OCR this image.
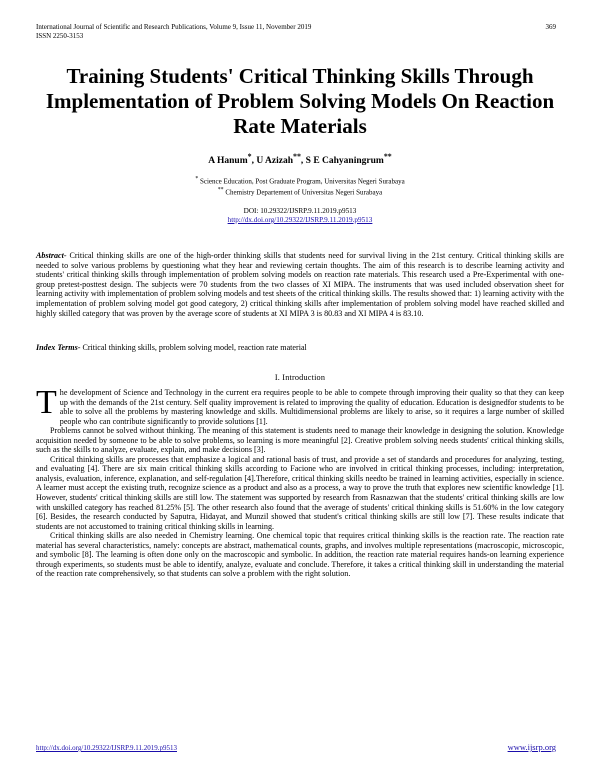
International Journal of Scientific and Research Publications, Volume 9, Issue 11, November 2019
ISSN 2250-3153
369
Training Students' Critical Thinking Skills Through Implementation of Problem Solving Models On Reaction Rate Materials
A Hanum*, U Azizah**, S E Cahyaningrum**
* Science Education, Post Graduate Program, Universitas Negeri Surabaya
** Chemistry Departement of Universitas Negeri Surabaya
DOI: 10.29322/IJSRP.9.11.2019.p9513
http://dx.doi.org/10.29322/IJSRP.9.11.2019.p9513
Abstract- Critical thinking skills are one of the high-order thinking skills that students need for survival living in the 21st century. Critical thinking skills are needed to solve various problems by questioning what they hear and reviewing certain thoughts. The aim of this research is to describe learning activity and students' critical thinking skills through implementation of problem solving models on reaction rate materials. This research used a Pre-Experimental with one-group pretest-posttest design. The subjects were 70 students from the two classes of XI MIPA. The instruments that was used included observation sheet for learning activity with implementation of problem solving models and test sheets of the critical thinking skills. The results showed that: 1) learning activity with the implementation of problem solving model got good category, 2) critical thinking skills after implementation of problem solving model have reached skilled and highly skilled category that was proven by the average score of students at XI MIPA 3 is 80.83 and XI MIPA 4 is 83.10.
Index Terms- Critical thinking skills, problem solving model, reaction rate material
I. Introduction

The development of Science and Technology in the current era requires people to be able to compete through improving their quality so that they can keep up with the demands of the 21st century. Self quality improvement is related to improving the quality of education. Education is designedfor students to be able to solve all the problems by mastering knowledge and skills. Multidimensional problems are likely to arise, so it requires a large number of skilled people who can contribute significantly to provide solutions [1].

Problems cannot be solved without thinking. The meaning of this statement is students need to manage their knowledge in designing the solution. Knowledge acquisition needed by someone to be able to solve problems, so learning is more meaningful [2]. Creative problem solving needs students' critical thinking skills, such as the skills to analyze, evaluate, explain, and make decisions [3].

Critical thinking skills are processes that emphasize a logical and rational basis of trust, and provide a set of standards and procedures for analyzing, testing, and evaluating [4]. There are six main critical thinking skills according to Facione who are involved in critical thinking processes, including: interpretation, analysis, evaluation, inference, explanation, and self-regulation [4].Therefore, critical thinking skills needto be trained in learning activities, especially in science. A learner must accept the existing truth, recognize science as a product and also as a process, a way to prove the truth that explores new scientific knowledge [1]. However, students' critical thinking skills are still low. The statement was supported by research from Rasnazwan that the students' critical thinking skills are low with unskilled category has reached 81.25% [5]. The other research also found that the average of students' critical thinking skills is 51.60% in the low category [6]. Besides, the research conducted by Saputra, Hidayat, and Munzil showed that student's critical thinking skills are still low [7]. These results indicate that students are not accustomed to training critical thinking skills in learning.

Critical thinking skills are also needed in Chemistry learning. One chemical topic that requires critical thinking skills is the reaction rate. The reaction rate material has several characteristics, namely: concepts are abstract, mathematical counts, graphs, and involves multiple representations (macroscopic, microscopic, and symbolic [8]. The learning is often done only on the macroscopic and symbolic. In addition, the reaction rate material requires hands-on learning experience through experiments, so students must be able to identify, analyze, evaluate and conclude. Therefore, it takes a critical thinking skill in understanding the material of the reaction rate comprehensively, so that students can solve a problem with the right solution.

http://dx.doi.org/10.29322/IJSRP.9.11.2019.p9513	www.ijsrp.org
